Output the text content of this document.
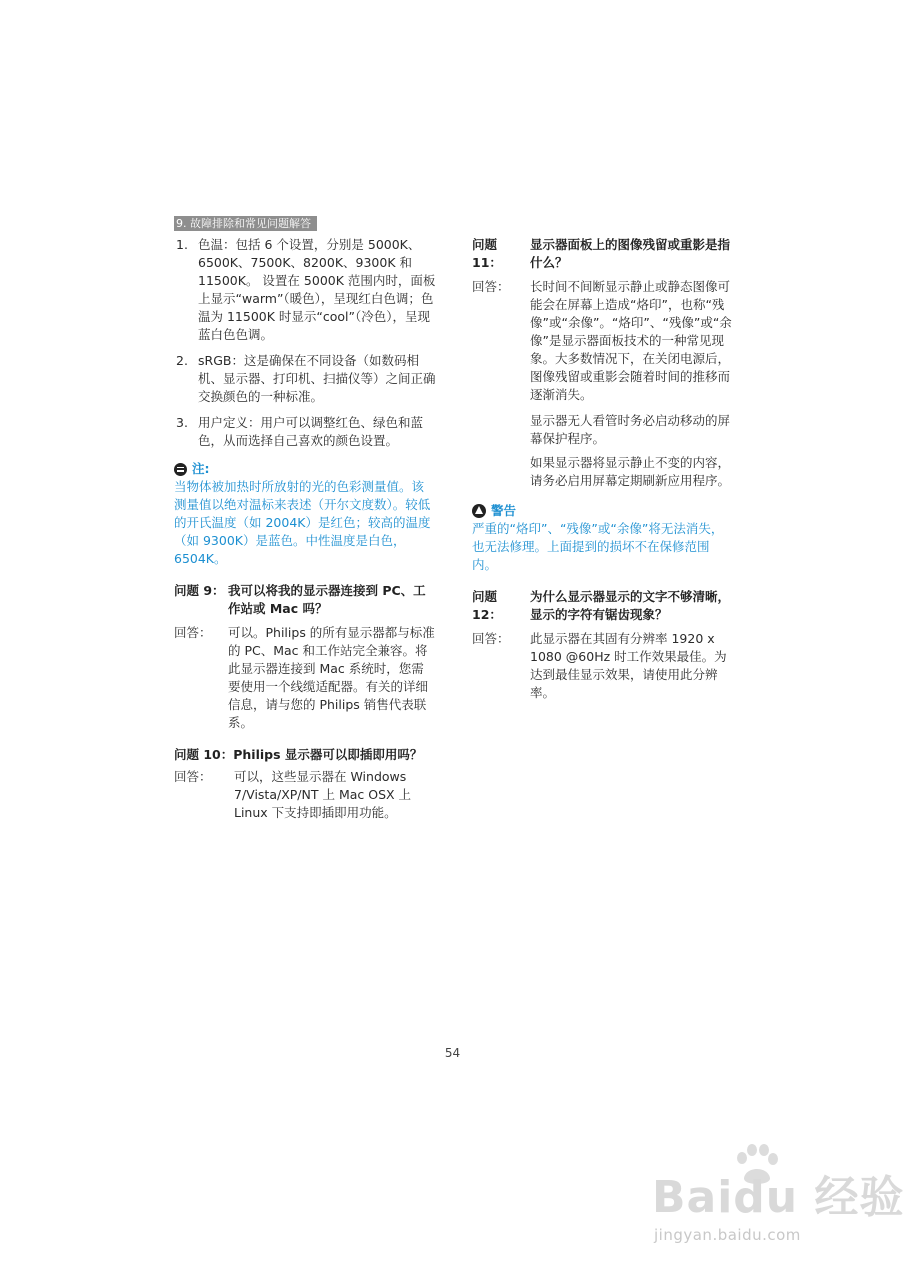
9. 故障排除和常见问题解答
1. 色温：包括 6 个设置，分别是 5000K、6500K、7500K、8200K、9300K 和 11500K。 设置在 5000K 范围内时，面板上显示“warm”（暖色），呈现红白色调；色温为 11500K 时显示“cool”（冷色），呈现蓝白色色调。
2. sRGB：这是确保在不同设备（如数码相机、显示器、打印机、扫描仪等）之间正确交换颜色的一种标准。
3. 用户定义：用户可以调整红色、绿色和蓝色，从而选择自己喜欢的颜色设置。
注:
当物体被加热时所放射的光的色彩测量值。该测量值以绝对温标来表述（开尔文度数）。较低的开氏温度（如 2004K）是红色；较高的温度（如 9300K）是蓝色。中性温度是白色，6504K。
问题 9： 我可以将我的显示器连接到 PC、工作站或 Mac 吗？
回答：	可以。Philips 的所有显示器都与标准的 PC、Mac 和工作站完全兼容。将此显示器连接到 Mac 系统时，您需要使用一个线缆适配器。有关的详细信息，请与您的 Philips 销售代表联系。
问题 10： Philips 显示器可以即插即用吗？
回答：	可以，这些显示器在 Windows 7/Vista/XP/NT 上 Mac OSX 上 Linux 下支持即插即用功能。
问题 11：
显示器面板上的图像残留或重影是指什么？
回答：	长时间不间断显示静止或静态图像可能会在屏幕上造成“烙印”，也称“残像”或“余像”。“烙印”、“残像”或“余像”是显示器面板技术的一种常见现象。大多数情况下，在关闭电源后，图像残留或重影会随着时间的推移而逐渐消失。
显示器无人看管时务必启动移动的屏幕保护程序。
如果显示器将显示静止不变的内容，请务必启用屏幕定期刷新应用程序。
警告
严重的“烙印”、“残像”或“余像”将无法消失，也无法修理。上面提到的损坏不在保修范围内。
问题 12：
为什么显示器显示的文字不够清晰，显示的字符有锯齿现象？
回答：	此显示器在其固有分辨率 1920 x 1080 @60Hz 时工作效果最佳。为达到最佳显示效果，请使用此分辨率。
54
Baidu 经验
jingyan.baidu.com
